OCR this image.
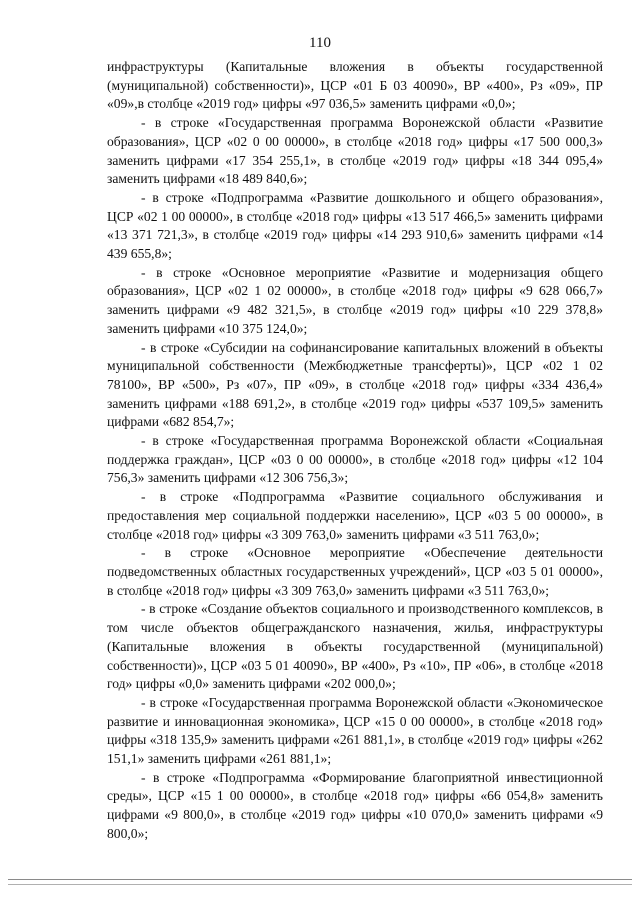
110

инфраструктуры (Капитальные вложения в объекты государственной (муниципальной) собственности)», ЦСР «01 Б 03 40090», ВР «400», Рз «09», ПР «09»,в столбце «2019 год» цифры «97 036,5» заменить цифрами «0,0»;

- в строке «Государственная программа Воронежской области «Развитие образования», ЦСР «02 0 00 00000», в столбце «2018 год» цифры «17 500 000,3» заменить цифрами «17 354 255,1», в столбце «2019 год» цифры «18 344 095,4» заменить цифрами «18 489 840,6»;

- в строке «Подпрограмма «Развитие дошкольного и общего образования», ЦСР «02 1 00 00000», в столбце «2018 год» цифры «13 517 466,5» заменить цифрами «13 371 721,3», в столбце «2019 год» цифры «14 293 910,6» заменить цифрами «14 439 655,8»;

- в строке «Основное мероприятие «Развитие и модернизация общего образования», ЦСР «02 1 02 00000», в столбце «2018 год» цифры «9 628 066,7» заменить цифрами «9 482 321,5», в столбце «2019 год» цифры «10 229 378,8» заменить цифрами «10 375 124,0»;

- в строке «Субсидии на софинансирование капитальных вложений в объекты муниципальной собственности (Межбюджетные трансферты)», ЦСР «02 1 02 78100», ВР «500», Рз «07», ПР «09», в столбце «2018 год» цифры «334 436,4» заменить цифрами «188 691,2», в столбце «2019 год» цифры «537 109,5» заменить цифрами «682 854,7»;

- в строке «Государственная программа Воронежской области «Социальная поддержка граждан», ЦСР «03 0 00 00000», в столбце «2018 год» цифры «12 104 756,3» заменить цифрами «12 306 756,3»;

- в строке «Подпрограмма «Развитие социального обслуживания и предоставления мер социальной поддержки населению», ЦСР «03 5 00 00000», в столбце «2018 год» цифры «3 309 763,0» заменить цифрами «3 511 763,0»;

- в строке «Основное мероприятие «Обеспечение деятельности подведомственных областных государственных учреждений», ЦСР «03 5 01 00000», в столбце «2018 год» цифры «3 309 763,0» заменить цифрами «3 511 763,0»;

- в строке «Создание объектов социального и производственного комплексов, в том числе объектов общегражданского назначения, жилья, инфраструктуры (Капитальные вложения в объекты государственной (муниципальной) собственности)», ЦСР «03 5 01 40090», ВР «400», Рз «10», ПР «06», в столбце «2018 год» цифры «0,0» заменить цифрами «202 000,0»;

- в строке «Государственная программа Воронежской области «Экономическое развитие и инновационная экономика», ЦСР «15 0 00 00000», в столбце «2018 год» цифры «318 135,9» заменить цифрами «261 881,1», в столбце «2019 год» цифры «262 151,1» заменить цифрами «261 881,1»;

- в строке «Подпрограмма «Формирование благоприятной инвестиционной среды», ЦСР «15 1 00 00000», в столбце «2018 год» цифры «66 054,8» заменить цифрами «9 800,0», в столбце «2019 год» цифры «10 070,0» заменить цифрами «9 800,0»;
